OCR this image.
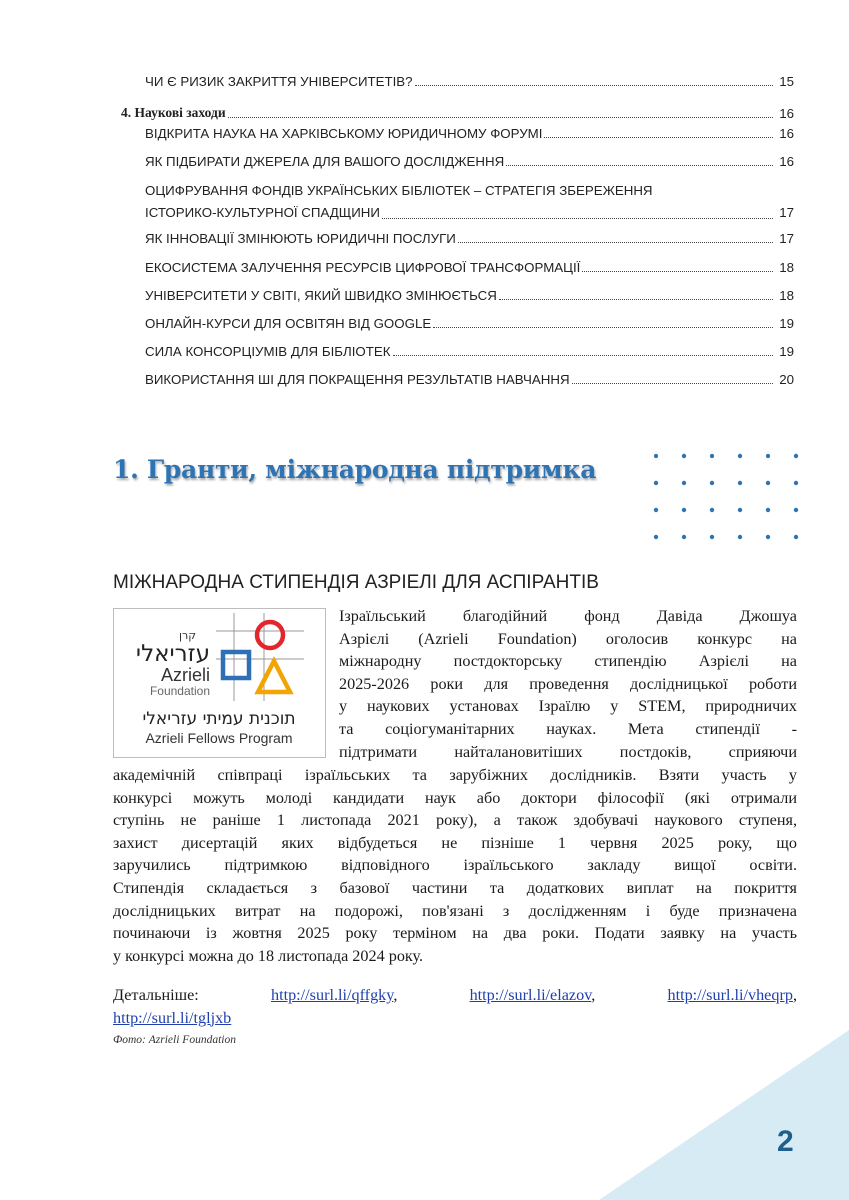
ЧИ Є РИЗИК ЗАКРИТТЯ УНІВЕРСИТЕТІВ?	15
4. Наукові заходи	16
ВІДКРИТА НАУКА НА ХАРКІВСЬКОМУ ЮРИДИЧНОМУ ФОРУМІ	16
ЯК ПІДБИРАТИ ДЖЕРЕЛА ДЛЯ ВАШОГО ДОСЛІДЖЕННЯ	16
ОЦИФРУВАННЯ ФОНДІВ УКРАЇНСЬКИХ БІБЛІОТЕК – СТРАТЕГІЯ ЗБЕРЕЖЕННЯ
ІСТОРИКО-КУЛЬТУРНОЇ СПАДЩИНИ	17
ЯК ІННОВАЦІЇ ЗМІНЮЮТЬ ЮРИДИЧНІ ПОСЛУГИ	17
ЕКОСИСТЕМА ЗАЛУЧЕННЯ РЕСУРСІВ ЦИФРОВОЇ ТРАНСФОРМАЦІЇ	18
УНІВЕРСИТЕТИ У СВІТІ, ЯКИЙ ШВИДКО ЗМІНЮЄТЬСЯ	18
ОНЛАЙН-КУРСИ ДЛЯ ОСВІТЯН ВІД GOOGLE	19
СИЛА КОНСОРЦІУМІВ ДЛЯ БІБЛІОТЕК	19
ВИКОРИСТАННЯ ШІ ДЛЯ ПОКРАЩЕННЯ РЕЗУЛЬТАТІВ НАВЧАННЯ	20
1. Гранти, міжнародна підтримка
МІЖНАРОДНА СТИПЕНДІЯ АЗРІЕЛІ ДЛЯ АСПІРАНТІВ
קרן
עזריאלי
Azrieli
Foundation
תוכנית עמיתי עזריאלי
Azrieli Fellows Program
Ізраїльський благодійний фонд Давіда Джошуа
Азрієлі (Azrieli Foundation) оголосив конкурс на
міжнародну постдокторську стипендію Азрієлі на
2025-2026 роки для проведення дослідницької роботи
у наукових установах Ізраїлю у STEM, природничих
та соціогуманітарних науках. Мета стипендії -
підтримати найталановитіших постдоків, сприяючи
академічній співпраці ізраїльських та зарубіжних дослідників. Взяти участь у
конкурсі можуть молоді кандидати наук або доктори філософії (які отримали
ступінь не раніше 1 листопада 2021 року), а також здобувачі наукового ступеня,
захист дисертацій яких відбудеться не пізніше 1 червня 2025 року, що
заручились підтримкою відповідного ізраїльського закладу вищої освіти.
Стипендія складається з базової частини та додаткових виплат на покриття
дослідницьких витрат на подорожі, пов'язані з дослідженням і буде призначена
починаючи із жовтня 2025 року терміном на два роки. Подати заявку на участь
у конкурсі можна до 18 листопада 2024 року.
Детальніше:	http://surl.li/qffgky, http://surl.li/elazov, http://surl.li/vheqrp,
http://surl.li/tgljxb
Фото: Azrieli Foundation
2
